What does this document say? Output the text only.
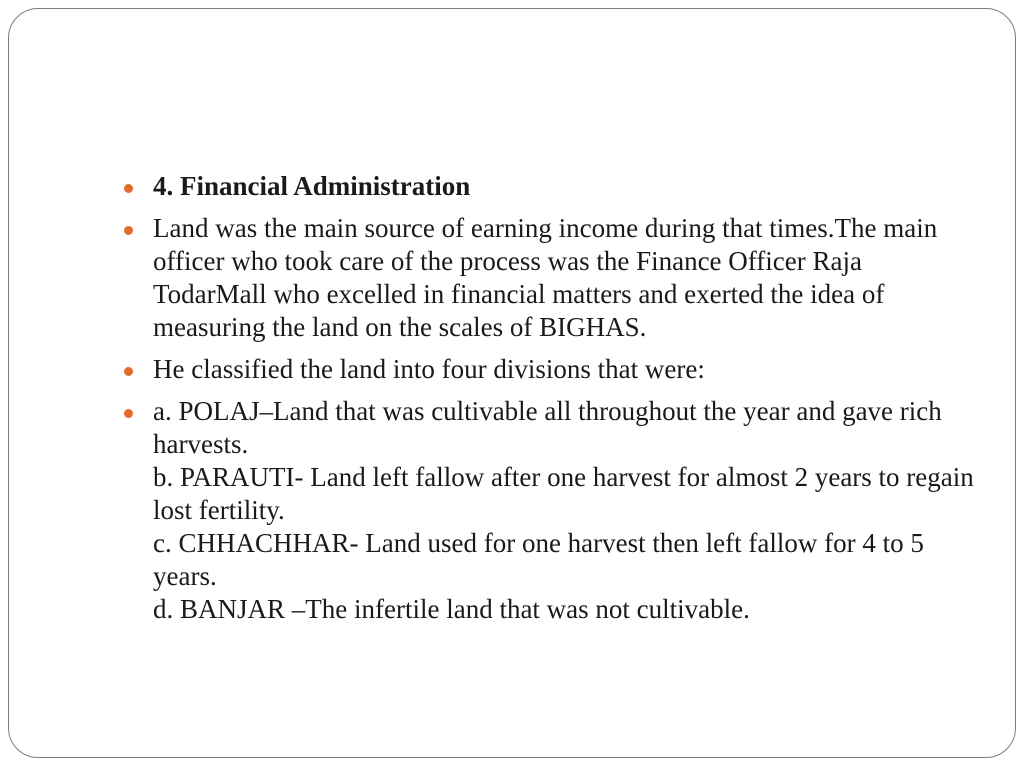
4. Financial Administration
Land was the main source of earning income during that times.The main officer who took care of the process was the Finance Officer Raja TodarMall who excelled in financial matters and exerted the idea of measuring the land on the scales of BIGHAS.
He classified the land into four divisions that were:
a. POLAJ–Land that was cultivable all throughout the year and gave rich harvests.
b. PARAUTI- Land left fallow after one harvest for almost 2 years to regain lost fertility.
c. CHHACHHAR- Land used for one harvest then left fallow for 4 to 5 years.
d. BANJAR –The infertile land that was not cultivable.
